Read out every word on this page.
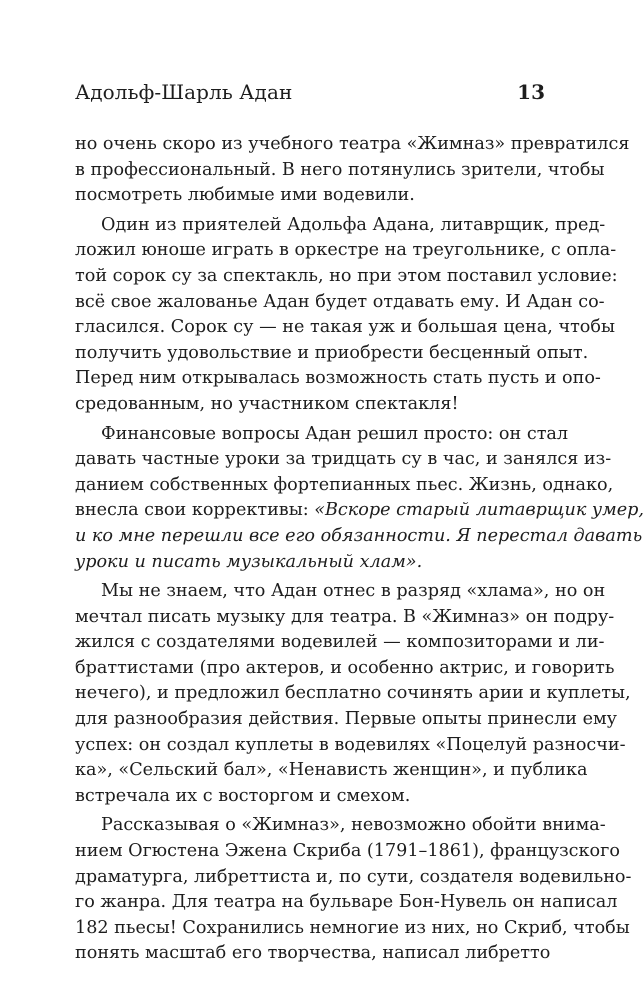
Адольф-Шарль Адан	13
но очень скоро из учебного театра «Жимназ» превратился
в профессиональный. В него потянулись зрители, чтобы
посмотреть любимые ими водевили.
Один из приятелей Адольфа Адана, литаврщик, пред-
ложил юноше играть в оркестре на треугольнике, с опла-
той сорок су за спектакль, но при этом поставил условие:
всё свое жалованье Адан будет отдавать ему. И Адан со-
гласился. Сорок су — не такая уж и большая цена, чтобы
получить удовольствие и приобрести бесценный опыт.
Перед ним открывалась возможность стать пусть и опо-
средованным, но участником спектакля!
Финансовые вопросы Адан решил просто: он стал
давать частные уроки за тридцать су в час, и занялся из-
данием собственных фортепианных пьес. Жизнь, однако,
внесла свои коррективы: «Вскоре старый литаврщик умер,
и ко мне перешли все его обязанности. Я перестал давать
уроки и писать музыкальный хлам».
Мы не знаем, что Адан отнес в разряд «хлама», но он
мечтал писать музыку для театра. В «Жимназ» он подру-
жился с создателями водевилей — композиторами и ли-
браттистами (про актеров, и особенно актрис, и говорить
нечего), и предложил бесплатно сочинять арии и куплеты,
для разнообразия действия. Первые опыты принесли ему
успех: он создал куплеты в водевилях «Поцелуй разносчи-
ка», «Сельский бал», «Ненависть женщин», и публика
встречала их с восторгом и смехом.
Рассказывая о «Жимназ», невозможно обойти внима-
нием Огюстена Эжена Скриба (1791–1861), французского
драматурга, либреттиста и, по сути, создателя водевильно-
го жанра. Для театра на бульваре Бон-Нувель он написал
182 пьесы! Сохранились немногие из них, но Скриб, чтобы
понять масштаб его творчества, написал либретто
